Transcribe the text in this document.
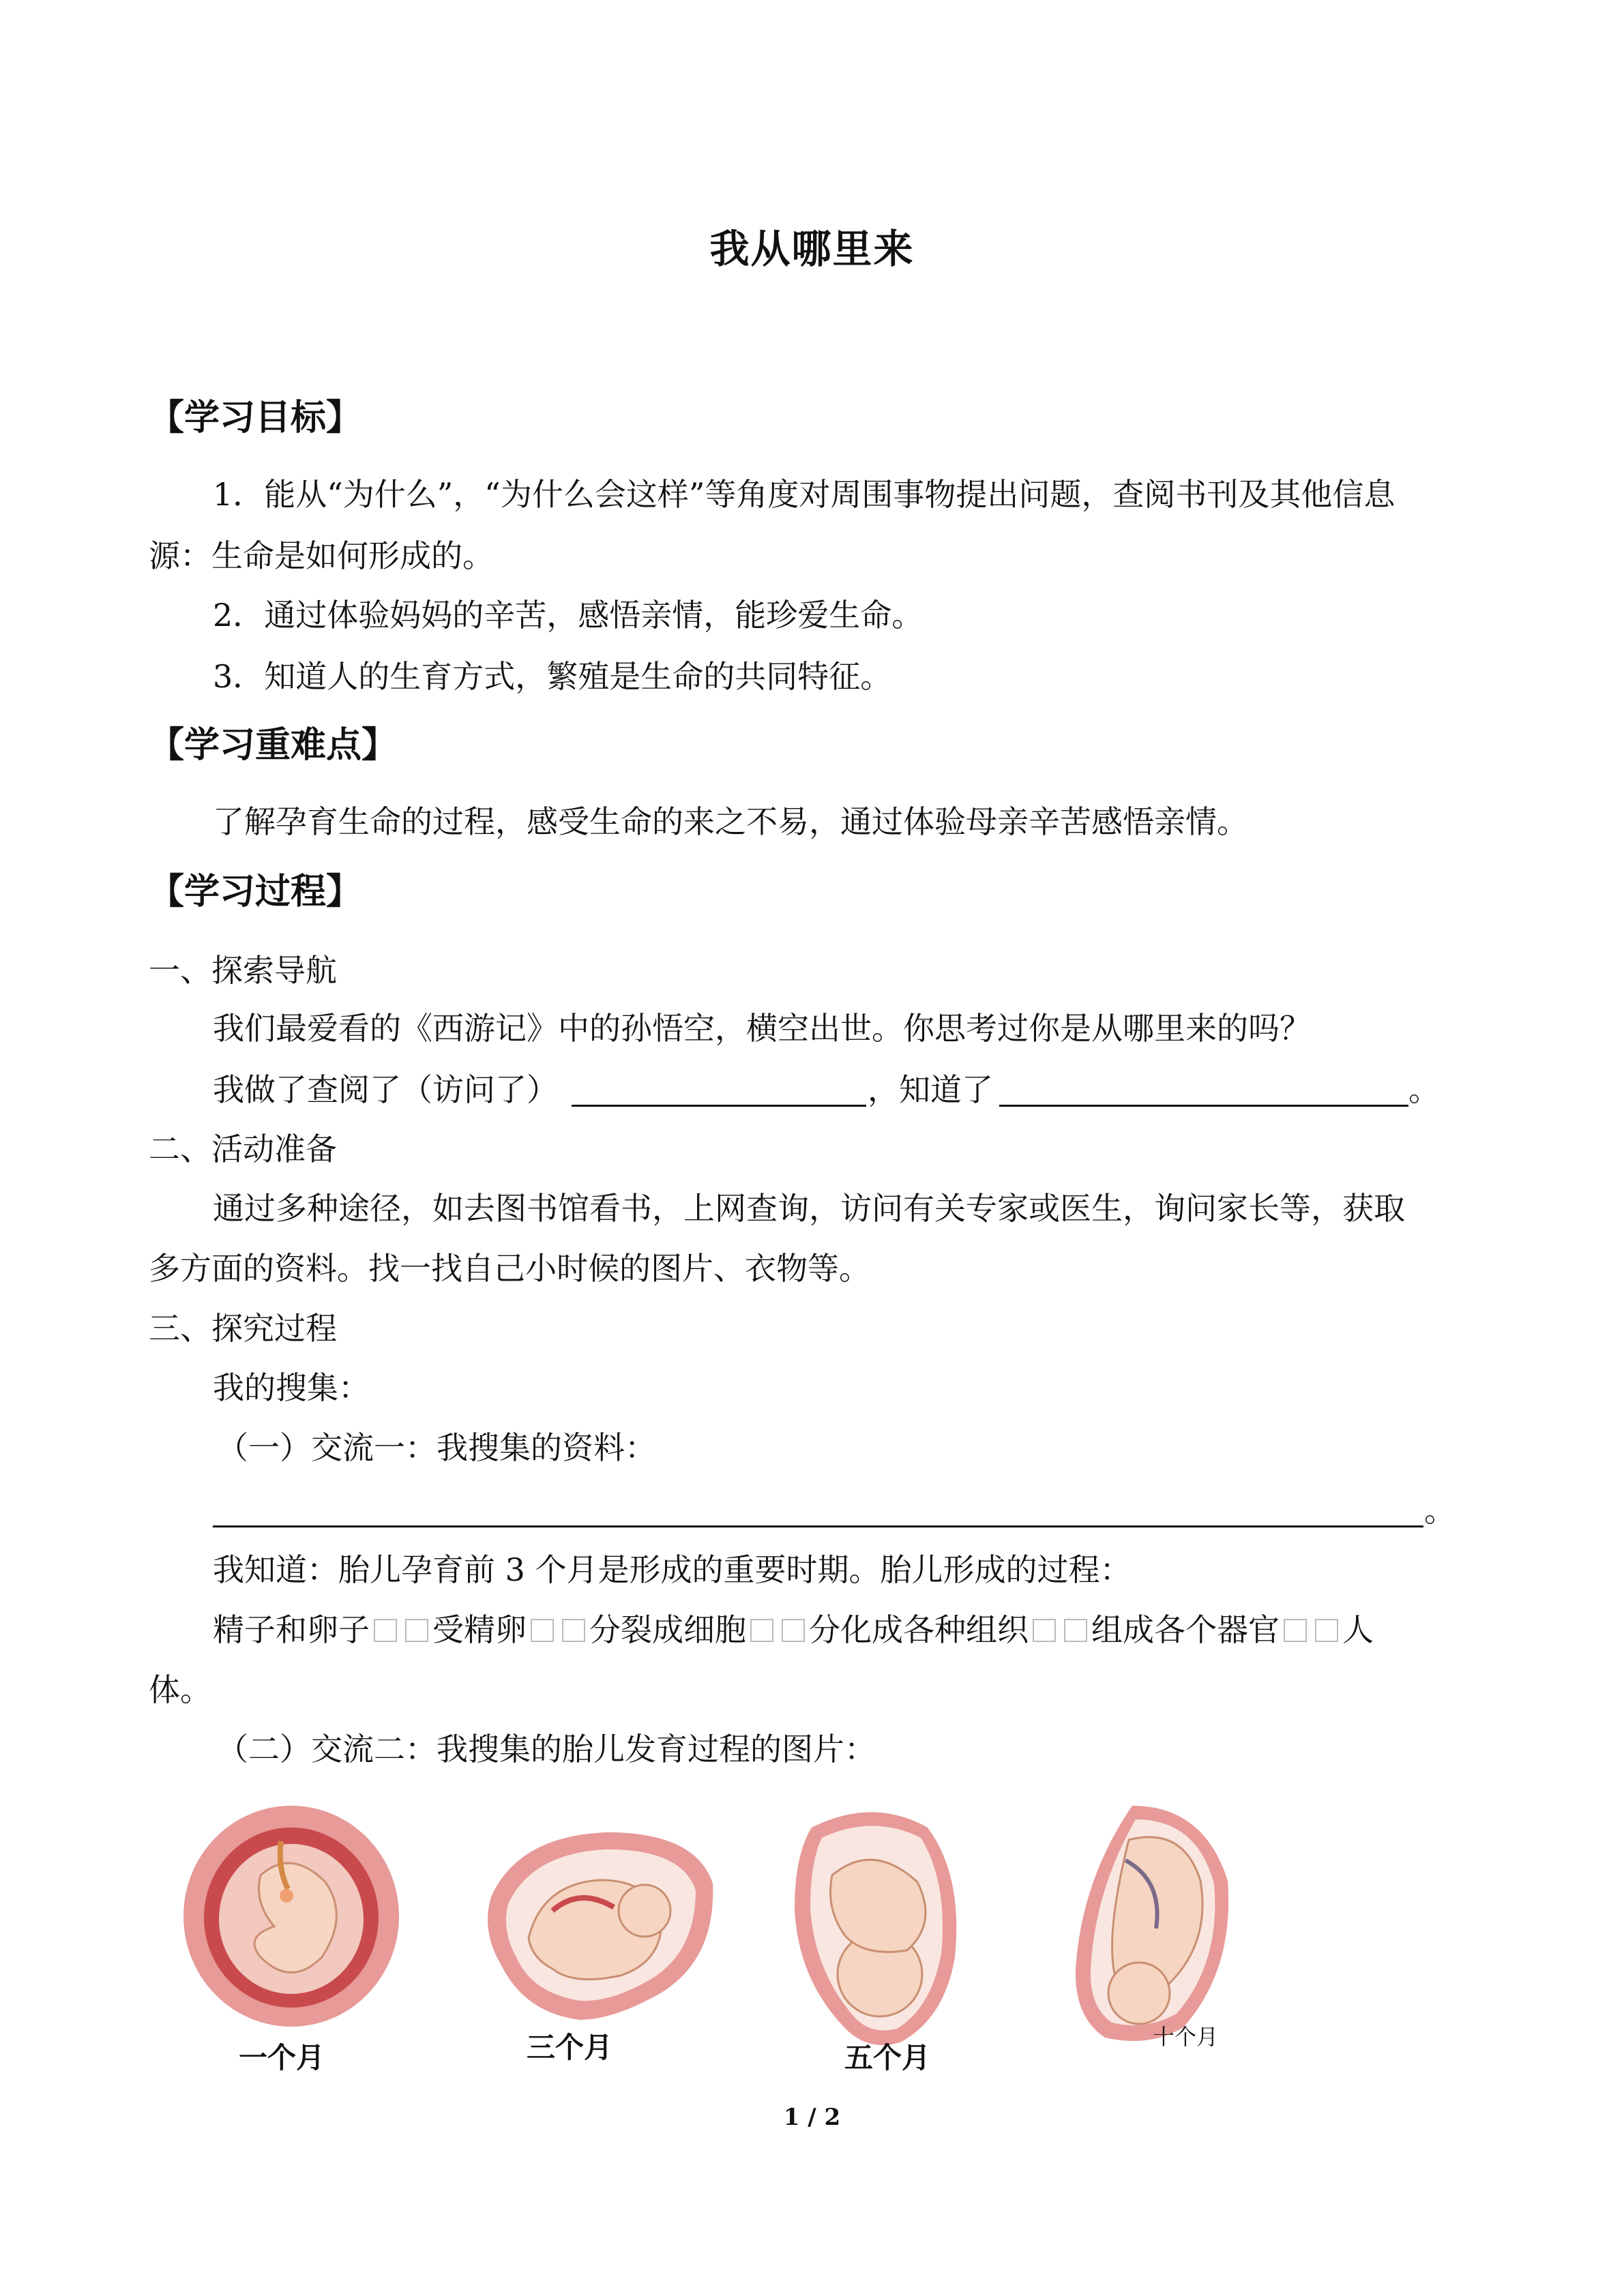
我从哪里来
【学习目标】
1．能从“为什么”，“为什么会这样”等角度对周围事物提出问题，查阅书刊及其他信息
源：生命是如何形成的。
2．通过体验妈妈的辛苦，感悟亲情，能珍爱生命。
3．知道人的生育方式，繁殖是生命的共同特征。
【学习重难点】
了解孕育生命的过程，感受生命的来之不易，通过体验母亲辛苦感悟亲情。
【学习过程】
一、探索导航
我们最爱看的《西游记》中的孙悟空，横空出世。你思考过你是从哪里来的吗？
我做了查阅了（访问了）	，知道了	。
二、活动准备
通过多种途径，如去图书馆看书，上网查询，访问有关专家或医生，询问家长等，获取
多方面的资料。找一找自己小时候的图片、衣物等。
三、探究过程
我的搜集：
（一）交流一：我搜集的资料：
。
我知道：胎儿孕育前 3 个月是形成的重要时期。胎儿形成的过程：
精子和卵子 受精卵 分裂成细胞 分化成各种组织 组成各个器官 人
体。
（二）交流二：我搜集的胎儿发育过程的图片：
一个月	三个月	五个月
十个月
1 / 2
